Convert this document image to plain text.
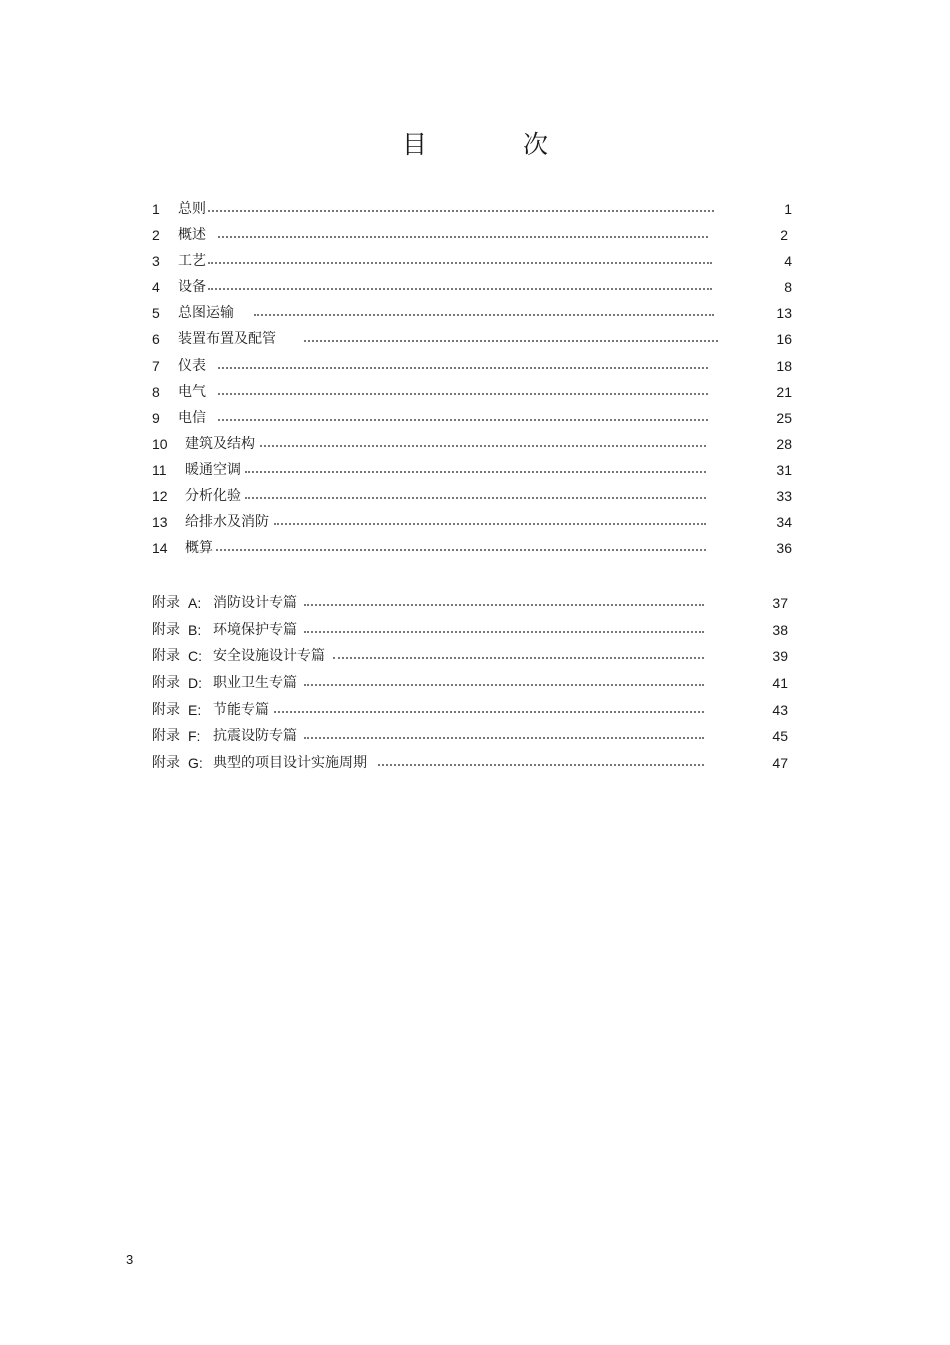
目 次
1 总则	1
2 概述	2
3 工艺	4
4 设备	8
5 总图运输	13
6 装置布置及配管	16
7 仪表	18
8 电气	21
9 电信	25
10 建筑及结构	28
11 暖通空调	31
12 分析化验	33
13 给排水及消防	34
14 概算	36
附录 A: 消防设计专篇	37
附录 B: 环境保护专篇	38
附录 C: 安全设施设计专篇	39
附录 D: 职业卫生专篇	41
附录 E: 节能专篇	43
附录 F: 抗震设防专篇	45
附录 G: 典型的项目设计实施周期	47
3
